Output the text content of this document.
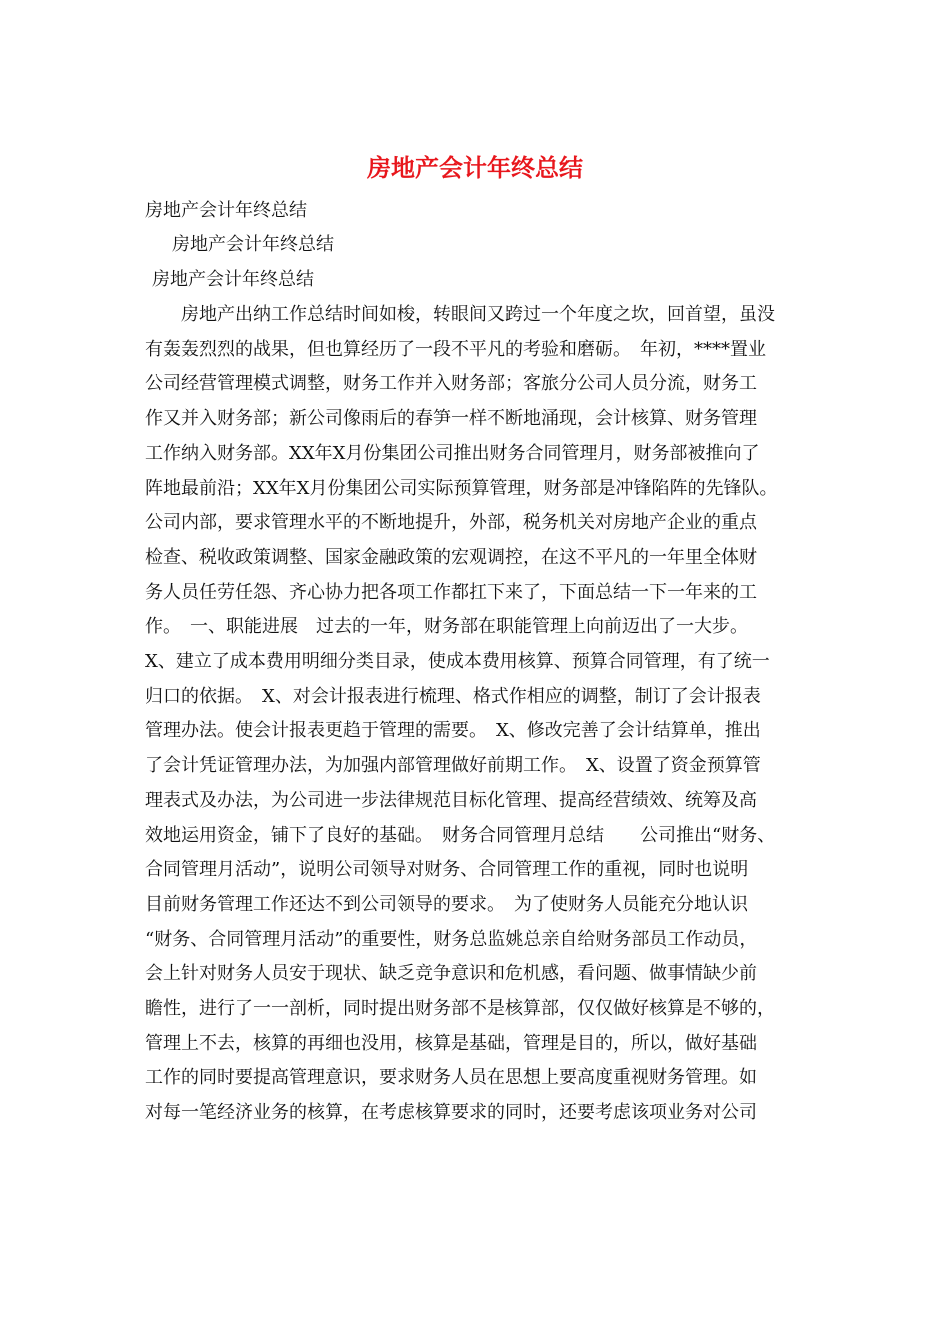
房地产会计年终总结

房地产会计年终总结

房地产会计年终总结

房地产会计年终总结

　　房地产出纳工作总结时间如梭，转眼间又跨过一个年度之坎，回首望，虽没
有轰轰烈烈的战果，但也算经历了一段不平凡的考验和磨砺。　年初，****置业
公司经营管理模式调整，财务工作并入财务部；客旅分公司人员分流，财务工
作又并入财务部；新公司像雨后的春笋一样不断地涌现，会计核算、财务管理
工作纳入财务部。XX年X月份集团公司推出财务合同管理月，财务部被推向了
阵地最前沿；XX年X月份集团公司实际预算管理，财务部是冲锋陷阵的先锋队。
公司内部，要求管理水平的不断地提升，外部，税务机关对房地产企业的重点
检查、税收政策调整、国家金融政策的宏观调控，在这不平凡的一年里全体财
务人员任劳任怨、齐心协力把各项工作都扛下来了，下面总结一下一年来的工
作。　一、职能进展　过去的一年，财务部在职能管理上向前迈出了一大步。
X、建立了成本费用明细分类目录，使成本费用核算、预算合同管理，有了统一
归口的依据。　X、对会计报表进行梳理、格式作相应的调整，制订了会计报表
管理办法。使会计报表更趋于管理的需要。　X、修改完善了会计结算单，推出
了会计凭证管理办法，为加强内部管理做好前期工作。　X、设置了资金预算管
理表式及办法，为公司进一步法律规范目标化管理、提高经营绩效、统筹及高
效地运用资金，铺下了良好的基础。　财务合同管理月总结　　公司推出“财务、
合同管理月活动”，说明公司领导对财务、合同管理工作的重视，同时也说明
目前财务管理工作还达不到公司领导的要求。　为了使财务人员能充分地认识
“财务、合同管理月活动”的重要性，财务总监姚总亲自给财务部员工作动员，
会上针对财务人员安于现状、缺乏竞争意识和危机感，看问题、做事情缺少前
瞻性，进行了一一剖析，同时提出财务部不是核算部，仅仅做好核算是不够的，
管理上不去，核算的再细也没用，核算是基础，管理是目的，所以，做好基础
工作的同时要提高管理意识，要求财务人员在思想上要高度重视财务管理。如
对每一笔经济业务的核算，在考虑核算要求的同时，还要考虑该项业务对公司
